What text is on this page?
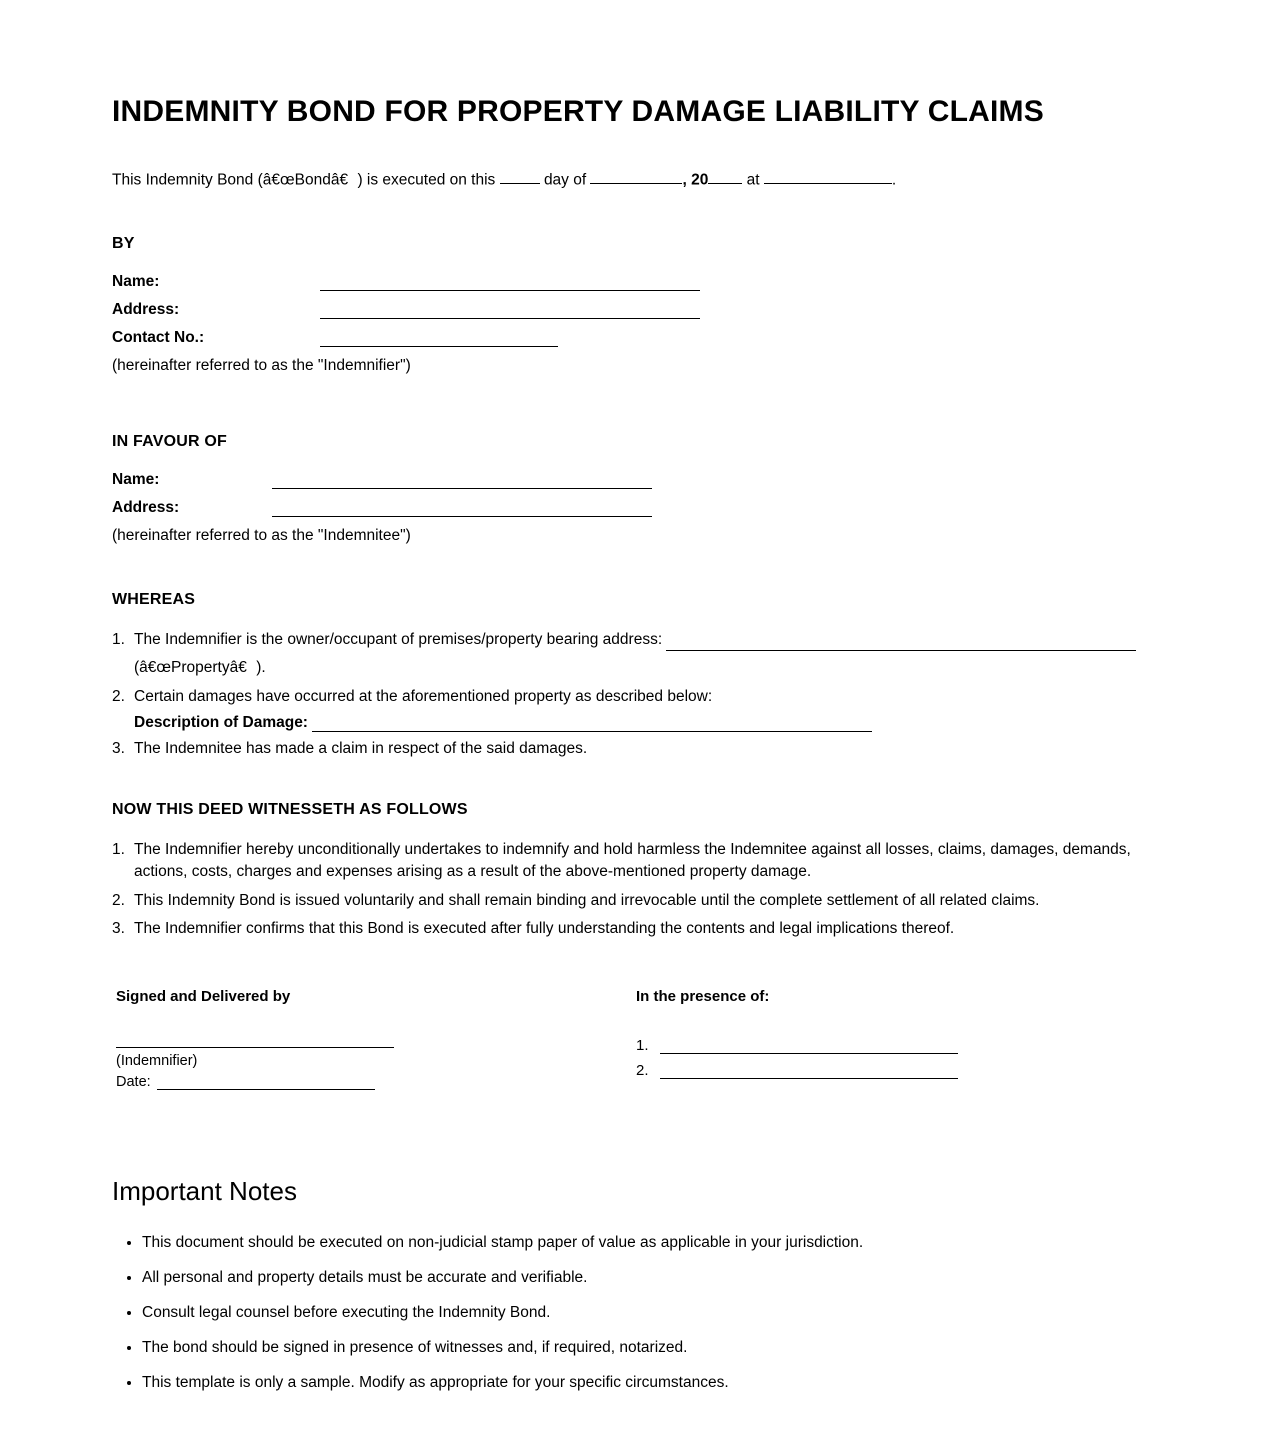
INDEMNITY BOND FOR PROPERTY DAMAGE LIABILITY CLAIMS

This Indemnity Bond (â€œBondâ€) is executed on this	day of	, 20 at	.

BY
Name:
Address:
Contact No.:

(hereinafter referred to as the "Indemnifier")

IN FAVOUR OF
Name:
Address:

(hereinafter referred to as the "Indemnitee")

WHEREAS
1. The Indemnifier is the owner/occupant of premises/property bearing address:
(â€œPropertyâ€).
2. Certain damages have occurred at the aforementioned property as described below:
Description of Damage:
3. The Indemnitee has made a claim in respect of the said damages.
NOW THIS DEED WITNESSETH AS FOLLOWS
1. The Indemnifier hereby unconditionally undertakes to indemnify and hold harmless the Indemnitee against all losses, claims, damages, demands, actions, costs, charges and expenses arising as a result of the above-mentioned property damage.
2. This Indemnity Bond is issued voluntarily and shall remain binding and irrevocable until the complete settlement of all related claims.
3. The Indemnifier confirms that this Bond is executed after fully understanding the contents and legal implications thereof.
Signed and Delivered by
(Indemnifier)
Date:
In the presence of:
1.
2.
Important Notes
• This document should be executed on non-judicial stamp paper of value as applicable in your jurisdiction.
• All personal and property details must be accurate and verifiable.
• Consult legal counsel before executing the Indemnity Bond.
• The bond should be signed in presence of witnesses and, if required, notarized.
• This template is only a sample. Modify as appropriate for your specific circumstances.
